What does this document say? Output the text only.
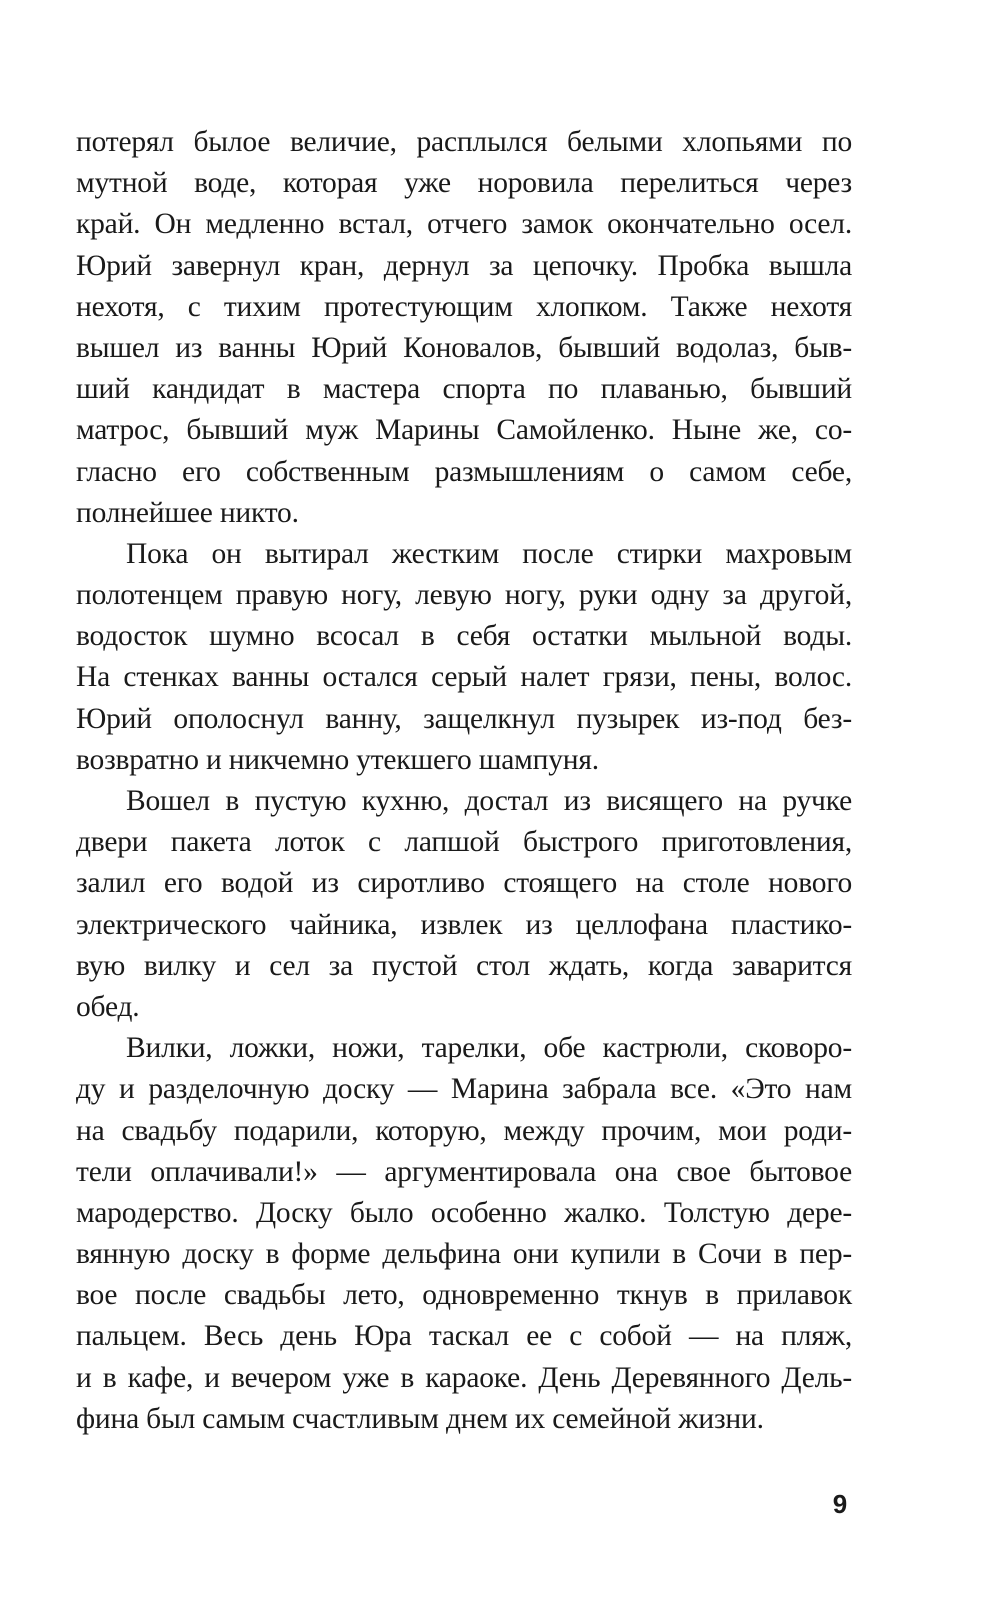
потерял былое величие, расплылся белыми хлопьями по
мутной воде, которая уже норовила перелиться через
край. Он медленно встал, отчего замок окончательно осел.
Юрий завернул кран, дернул за цепочку. Пробка вышла
нехотя, с тихим протестующим хлопком. Также нехотя
вышел из ванны Юрий Коновалов, бывший водолаз, быв-
ший кандидат в мастера спорта по плаванью, бывший
матрос, бывший муж Марины Самойленко. Ныне же, со-
гласно его собственным размышлениям о самом себе,
полнейшее никто.
Пока он вытирал жестким после стирки махровым
полотенцем правую ногу, левую ногу, руки одну за другой,
водосток шумно всосал в себя остатки мыльной воды.
На стенках ванны остался серый налет грязи, пены, волос.
Юрий ополоснул ванну, защелкнул пузырек из-под без-
возвратно и никчемно утекшего шампуня.
Вошел в пустую кухню, достал из висящего на ручке
двери пакета лоток с лапшой быстрого приготовления,
залил его водой из сиротливо стоящего на столе нового
электрического чайника, извлек из целлофана пластико-
вую вилку и сел за пустой стол ждать, когда заварится
обед.
Вилки, ложки, ножи, тарелки, обе кастрюли, сковоро-
ду и разделочную доску — Марина забрала все. «Это нам
на свадьбу подарили, которую, между прочим, мои роди-
тели оплачивали!» — аргументировала она свое бытовое
мародерство. Доску было особенно жалко. Толстую дере-
вянную доску в форме дельфина они купили в Сочи в пер-
вое после свадьбы лето, одновременно ткнув в прилавок
пальцем. Весь день Юра таскал ее с собой — на пляж,
и в кафе, и вечером уже в караоке. День Деревянного Дель-
фина был самым счастливым днем их семейной жизни.
9
